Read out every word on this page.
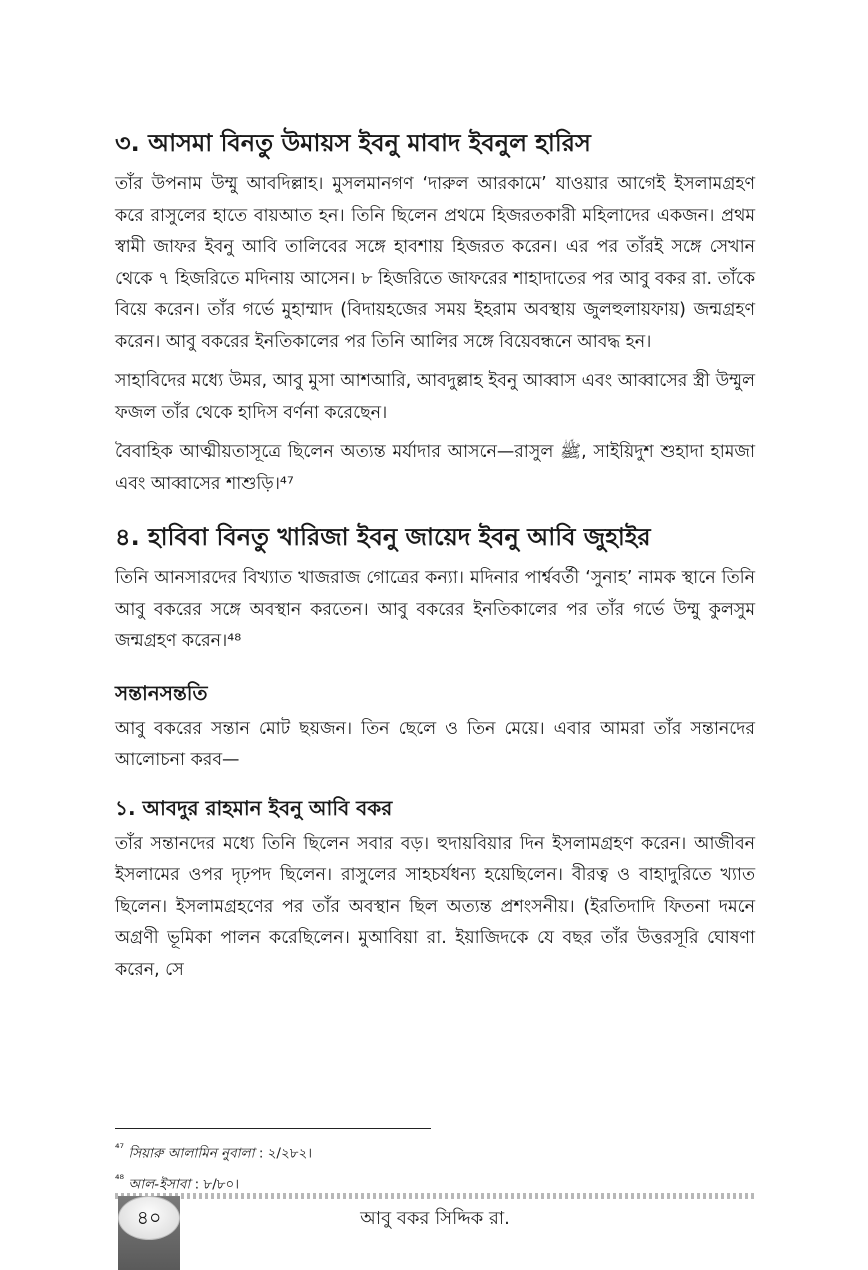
৩. আসমা বিনতু উমায়স ইবনু মাবাদ ইবনুল হারিস

তাঁর উপনাম উম্মু আবদিল্লাহ। মুসলমানগণ ‘দারুল আরকামে’ যাওয়ার আগেই ইসলামগ্রহণ করে রাসুলের হাতে বায়আত হন। তিনি ছিলেন প্রথমে হিজরতকারী মহিলাদের একজন। প্রথম স্বামী জাফর ইবনু আবি তালিবের সঙ্গে হাবশায় হিজরত করেন। এর পর তাঁরই সঙ্গে সেখান থেকে ৭ হিজরিতে মদিনায় আসেন। ৮ হিজরিতে জাফরের শাহাদাতের পর আবু বকর রা. তাঁকে বিয়ে করেন। তাঁর গর্ভে মুহাম্মাদ (বিদায়হজের সময় ইহরাম অবস্থায় জুলহুলায়ফায়) জন্মগ্রহণ করেন। আবু বকরের ইনতিকালের পর তিনি আলির সঙ্গে বিয়েবন্ধনে আবদ্ধ হন।

সাহাবিদের মধ্যে উমর, আবু মুসা আশআরি, আবদুল্লাহ ইবনু আব্বাস এবং আব্বাসের স্ত্রী উম্মুল ফজল তাঁর থেকে হাদিস বর্ণনা করেছেন।

বৈবাহিক আত্মীয়তাসূত্রে ছিলেন অত্যন্ত মর্যাদার আসনে—রাসুল ﷺ, সাইয়িদুশ শুহাদা হামজা এবং আব্বাসের শাশুড়ি।⁴⁷

৪. হাবিবা বিনতু খারিজা ইবনু জায়েদ ইবনু আবি জুহাইর

তিনি আনসারদের বিখ্যাত খাজরাজ গোত্রের কন্যা। মদিনার পার্শ্ববর্তী ‘সুনাহ’ নামক স্থানে তিনি আবু বকরের সঙ্গে অবস্থান করতেন। আবু বকরের ইনতিকালের পর তাঁর গর্ভে উম্মু কুলসুম জন্মগ্রহণ করেন।⁴⁸

সন্তানসন্ততি

আবু বকরের সন্তান মোট ছয়জন। তিন ছেলে ও তিন মেয়ে। এবার আমরা তাঁর সন্তানদের আলোচনা করব—

১. আবদুর রাহমান ইবনু আবি বকর

তাঁর সন্তানদের মধ্যে তিনি ছিলেন সবার বড়। হুদায়বিয়ার দিন ইসলামগ্রহণ করেন। আজীবন ইসলামের ওপর দৃঢ়পদ ছিলেন। রাসুলের সাহচর্যধন্য হয়েছিলেন। বীরত্ব ও বাহাদুরিতে খ্যাত ছিলেন। ইসলামগ্রহণের পর তাঁর অবস্থান ছিল অত্যন্ত প্রশংসনীয়। (ইরতিদাদি ফিতনা দমনে অগ্রণী ভূমিকা পালন করেছিলেন। মুআবিয়া রা. ইয়াজিদকে যে বছর তাঁর উত্তরসূরি ঘোষণা করেন, সে

$^{^{47}}$ সিয়ারু আলামিন নুবালা : ২/২৮২।
$^{^{48}}$ আল-ইসাবা : ৮/৮০।
৪০	আবু বকর সিদ্দিক রা.
